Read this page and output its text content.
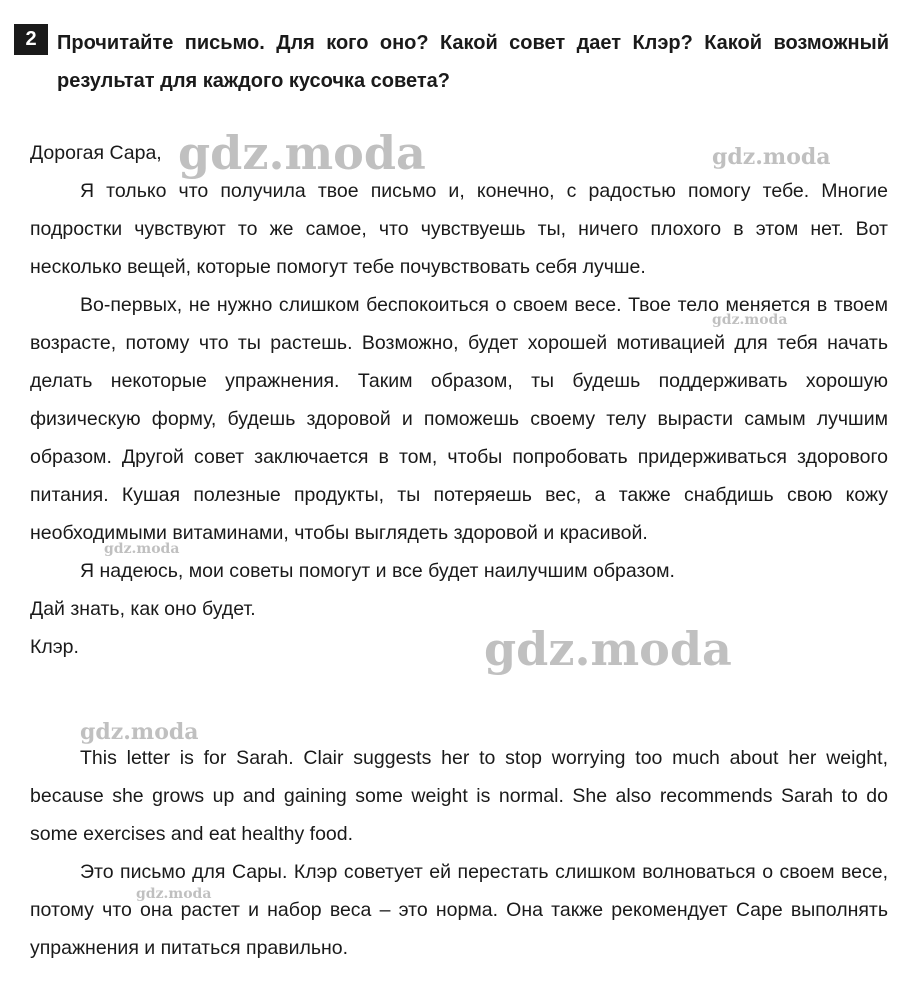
2	Прочитайте письмо. Для кого оно? Какой совет дает Клэр? Какой возможный результат для каждого кусочка совета?

Дорогая Сара,

Я только что получила твое письмо и, конечно, с радостью помогу тебе. Многие подростки чувствуют то же самое, что чувствуешь ты, ничего плохого в этом нет. Вот несколько вещей, которые помогут тебе почувствовать себя лучше.

Во-первых, не нужно слишком беспокоиться о своем весе. Твое тело меняется в твоем возрасте, потому что ты растешь. Возможно, будет хорошей мотивацией для тебя начать делать некоторые упражнения. Таким образом, ты будешь поддерживать хорошую физическую форму, будешь здоровой и поможешь своему телу вырасти самым лучшим образом. Другой совет заключается в том, чтобы попробовать придерживаться здорового питания. Кушая полезные продукты, ты потеряешь вес, а также снабдишь свою кожу необходимыми витаминами, чтобы выглядеть здоровой и красивой.

Я надеюсь, мои советы помогут и все будет наилучшим образом.

Дай знать, как оно будет.

Клэр.

This letter is for Sarah. Clair suggests her to stop worrying too much about her weight, because she grows up and gaining some weight is normal. She also recommends Sarah to do some exercises and eat healthy food.

Это письмо для Сары. Клэр советует ей перестать слишком волноваться о своем весе, потому что она растет и набор веса – это норма. Она также рекомендует Саре выполнять упражнения и питаться правильно.

gdz.moda	gdz.moda
gdz.moda
gdz.moda
gdz.moda
gdz.moda
gdz.moda
